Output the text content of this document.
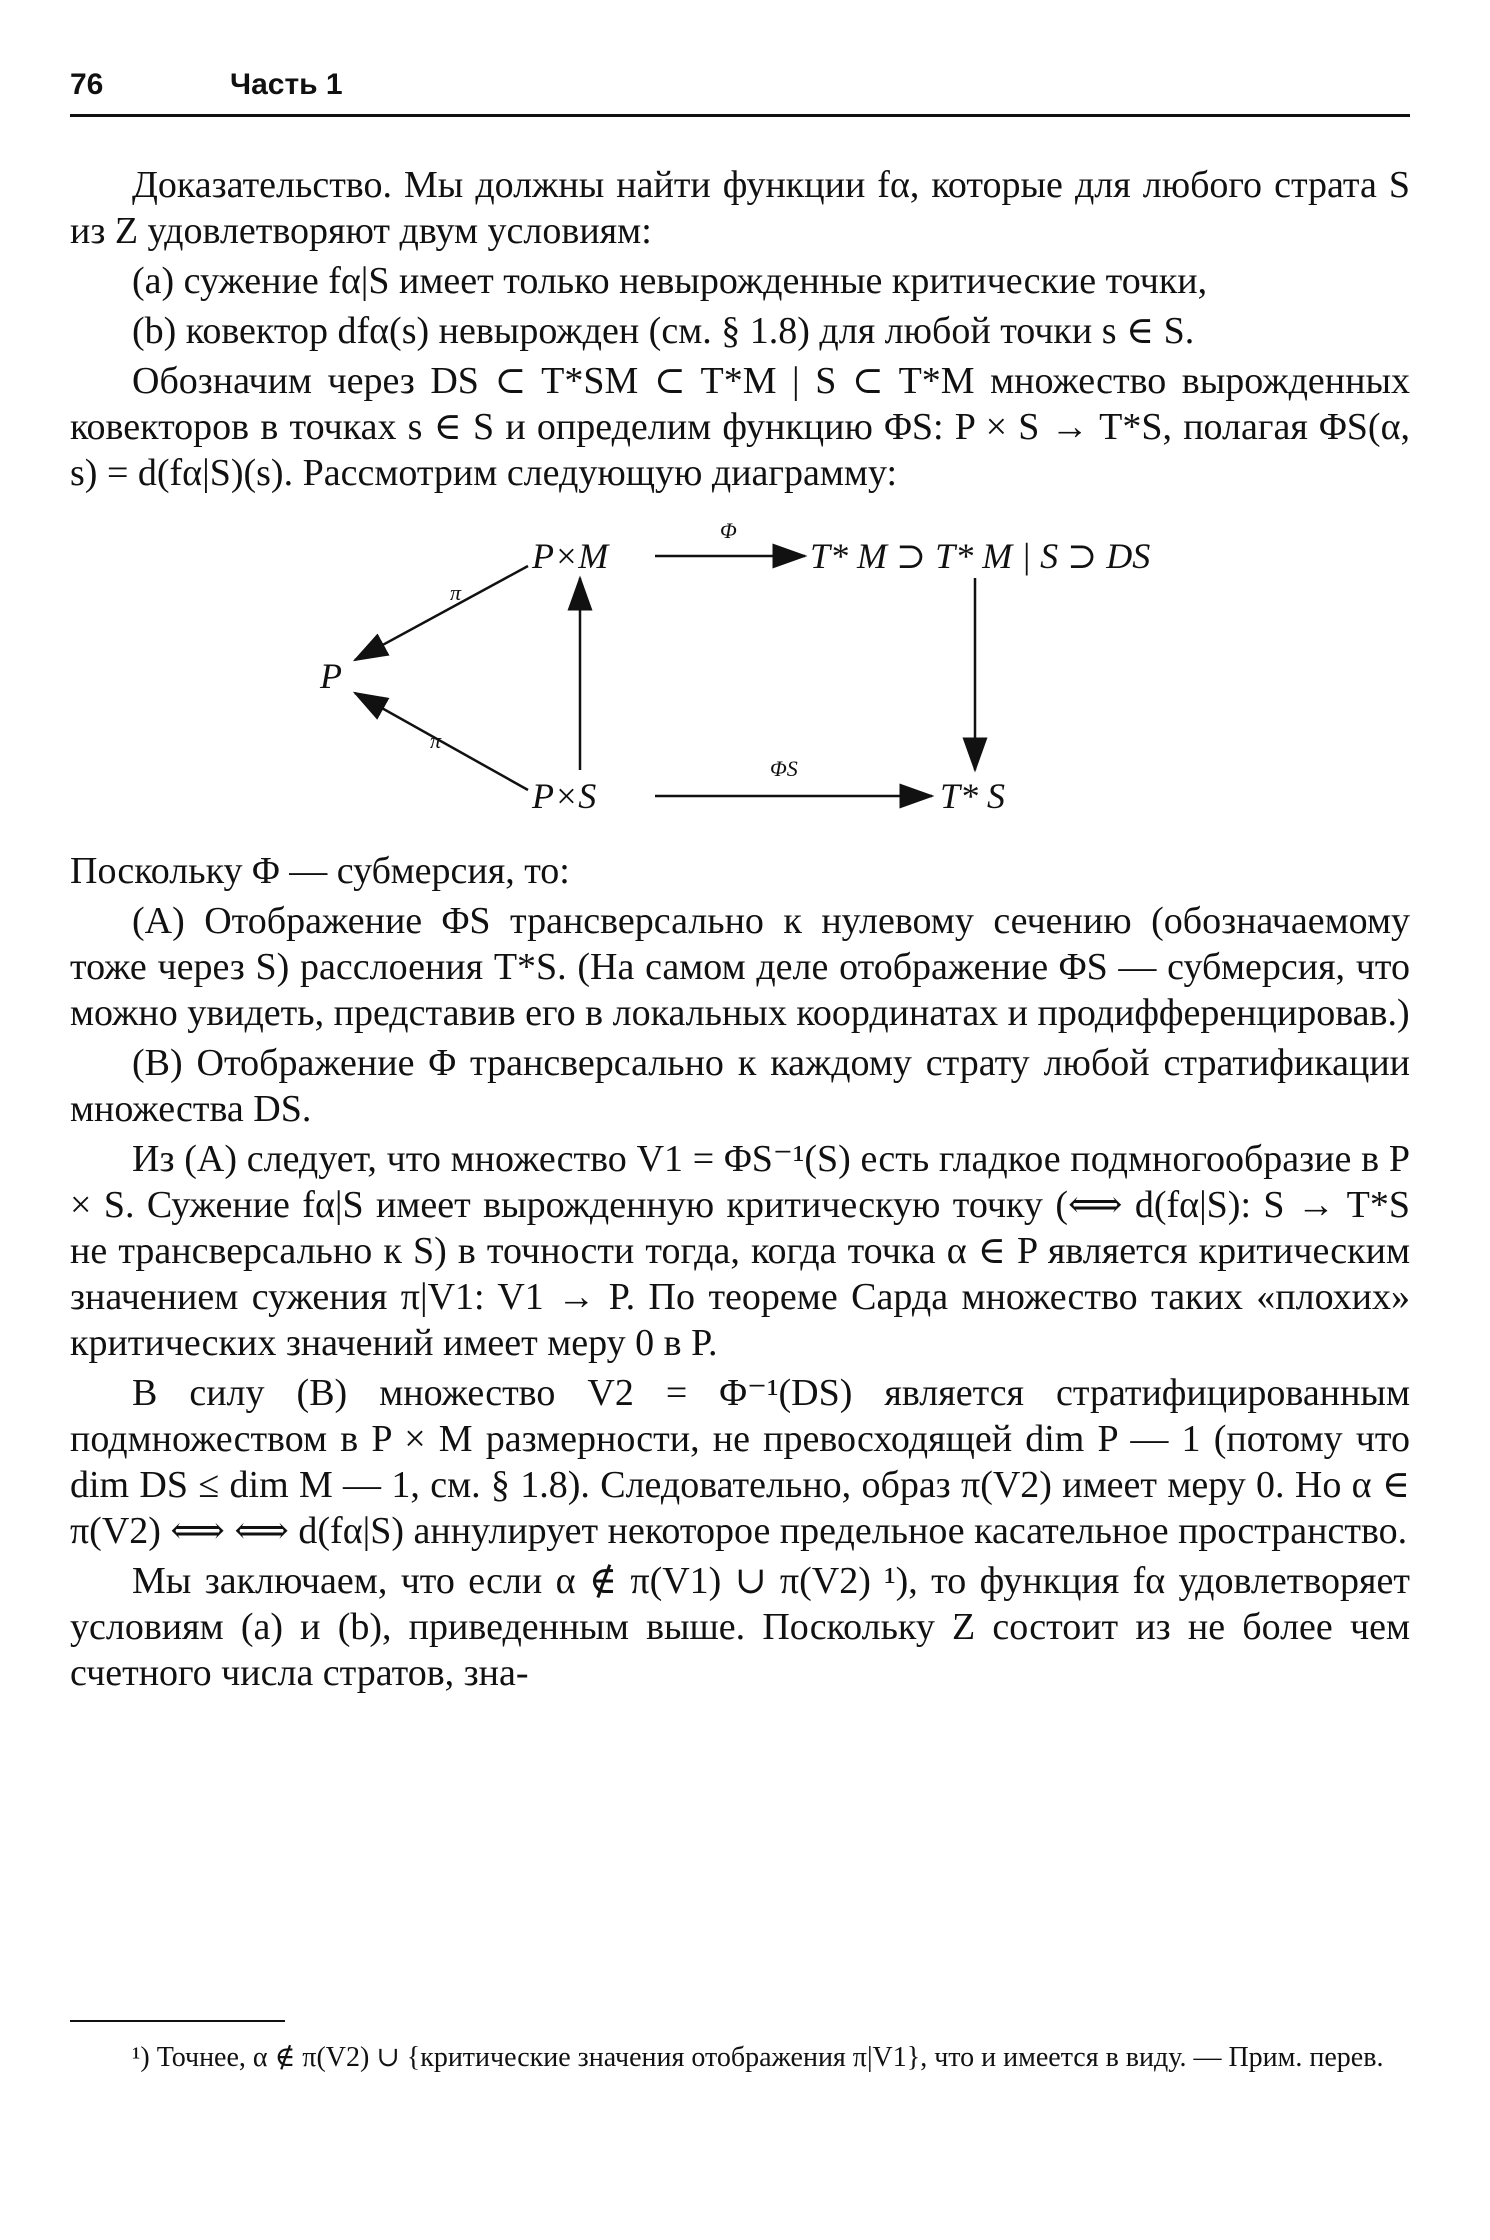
76	Часть 1

Доказательство. Мы должны найти функции fα, которые для любого страта S из Z удовлетворяют двум условиям:

(a) сужение fα|S имеет только невырожденные критические точки,

(b) ковектор dfα(s) невырожден (см. § 1.8) для любой точки s ∈ S.

Обозначим через DS ⊂ T*SM ⊂ T*M | S ⊂ T*M множество вырожденных ковекторов в точках s ∈ S и определим функцию ΦS: P × S → T*S, полагая ΦS(α, s) = d(fα|S)(s). Рассмотрим следующую диаграмму:

P×M	T* M ⊃ T* M | S ⊃ DS
P
P×S	T* S
Φ
ΦS
π
π

Поскольку Φ — субмерсия, то:

(A) Отображение ΦS трансверсально к нулевому сечению (обозначаемому тоже через S) расслоения T*S. (На самом деле отображение ΦS — субмерсия, что можно увидеть, представив его в локальных координатах и продифференцировав.)

(B) Отображение Φ трансверсально к каждому страту любой стратификации множества DS.

Из (A) следует, что множество V1 = ΦS⁻¹(S) есть гладкое подмногообразие в P × S. Сужение fα|S имеет вырожденную критическую точку (⟺ d(fα|S): S → T*S не трансверсально к S) в точности тогда, когда точка α ∈ P является критическим значением сужения π|V1: V1 → P. По теореме Сарда множество таких «плохих» критических значений имеет меру 0 в P.

В силу (B) множество V2 = Φ⁻¹(DS) является стратифицированным подмножеством в P × M размерности, не превосходящей dim P — 1 (потому что dim DS ≤ dim M — 1, см. § 1.8). Следовательно, образ π(V2) имеет меру 0. Но α ∈ π(V2) ⟺ ⟺ d(fα|S) аннулирует некоторое предельное касательное пространство.

Мы заключаем, что если α ∉ π(V1) ∪ π(V2) ¹), то функция fα удовлетворяет условиям (a) и (b), приведенным выше. Поскольку Z состоит из не более чем счетного числа стратов, зна-

¹) Точнее, α ∉ π(V2) ∪ {критические значения отображения π|V1}, что и имеется в виду. — Прим. перев.
